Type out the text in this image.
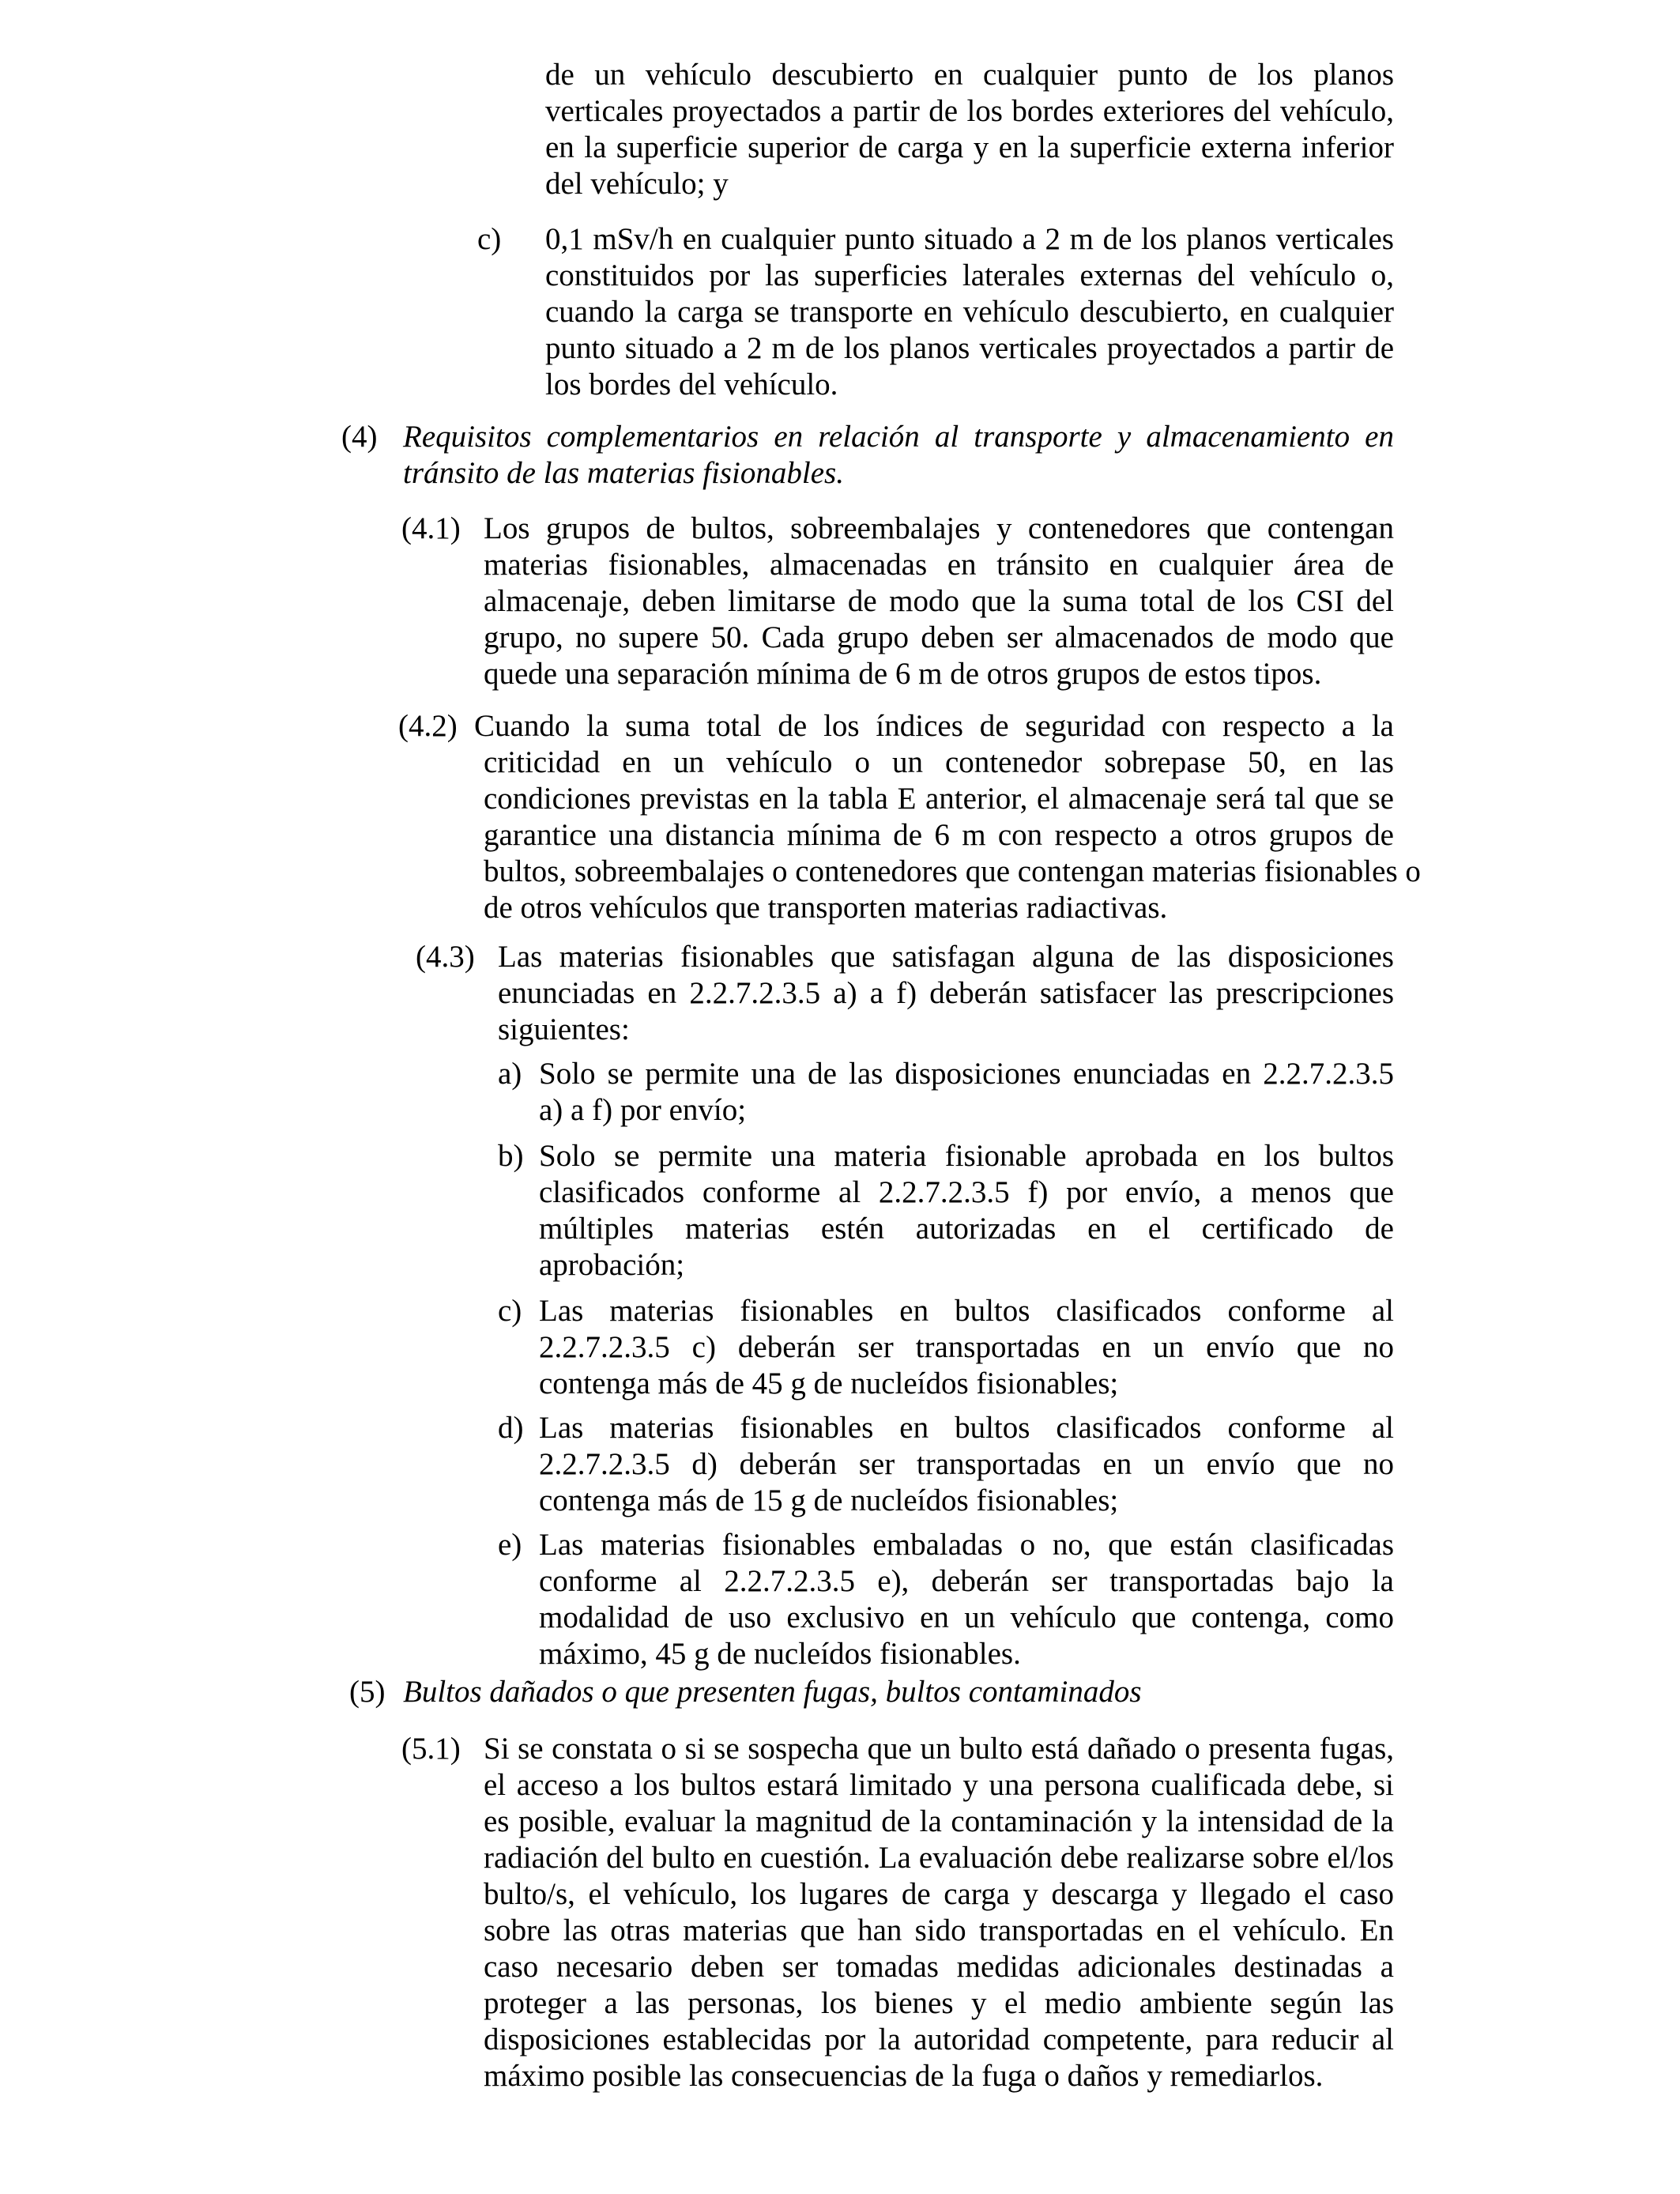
de un vehículo descubierto en cualquier punto de los planos

verticales proyectados a partir de los bordes exteriores del vehículo,

en la superficie superior de carga y en la superficie externa inferior

del vehículo; y

c) 0,1 mSv/h en cualquier punto situado a 2 m de los planos verticales

constituidos por las superficies laterales externas del vehículo o,

cuando la carga se transporte en vehículo descubierto, en cualquier

punto situado a 2 m de los planos verticales proyectados a partir de

los bordes del vehículo.

(4) Requisitos complementarios en relación al transporte y almacenamiento en

tránsito de las materias fisionables.

(4.1) Los grupos de bultos, sobreembalajes y contenedores que contengan

materias fisionables, almacenadas en tránsito en cualquier área de

almacenaje, deben limitarse de modo que la suma total de los CSI del

grupo, no supere 50. Cada grupo deben ser almacenados de modo que

quede una separación mínima de 6 m de otros grupos de estos tipos.

(4.2) Cuando la suma total de los índices de seguridad con respecto a la

criticidad en un vehículo o un contenedor sobrepase 50, en las

condiciones previstas en la tabla E anterior, el almacenaje será tal que se

garantice una distancia mínima de 6 m con respecto a otros grupos de

bultos, sobreembalajes o contenedores que contengan materias fisionables o

de otros vehículos que transporten materias radiactivas.

(4.3) Las materias fisionables que satisfagan alguna de las disposiciones

enunciadas en 2.2.7.2.3.5 a) a f) deberán satisfacer las prescripciones

siguientes:

a) Solo se permite una de las disposiciones enunciadas en 2.2.7.2.3.5

a) a f) por envío;

b) Solo se permite una materia fisionable aprobada en los bultos

clasificados conforme al 2.2.7.2.3.5 f) por envío, a menos que

múltiples materias estén autorizadas en el certificado de

aprobación;

c) Las materias fisionables en bultos clasificados conforme al

2.2.7.2.3.5 c) deberán ser transportadas en un envío que no

contenga más de 45 g de nucleídos fisionables;

d) Las materias fisionables en bultos clasificados conforme al

2.2.7.2.3.5 d) deberán ser transportadas en un envío que no

contenga más de 15 g de nucleídos fisionables;

e) Las materias fisionables embaladas o no, que están clasificadas

conforme al 2.2.7.2.3.5 e), deberán ser transportadas bajo la

modalidad de uso exclusivo en un vehículo que contenga, como

máximo, 45 g de nucleídos fisionables.

(5) Bultos dañados o que presenten fugas, bultos contaminados

(5.1) Si se constata o si se sospecha que un bulto está dañado o presenta fugas,

el acceso a los bultos estará limitado y una persona cualificada debe, si

es posible, evaluar la magnitud de la contaminación y la intensidad de la

radiación del bulto en cuestión. La evaluación debe realizarse sobre el/los

bulto/s, el vehículo, los lugares de carga y descarga y llegado el caso

sobre las otras materias que han sido transportadas en el vehículo. En

caso necesario deben ser tomadas medidas adicionales destinadas a

proteger a las personas, los bienes y el medio ambiente según las

disposiciones establecidas por la autoridad competente, para reducir al

máximo posible las consecuencias de la fuga o daños y remediarlos.
